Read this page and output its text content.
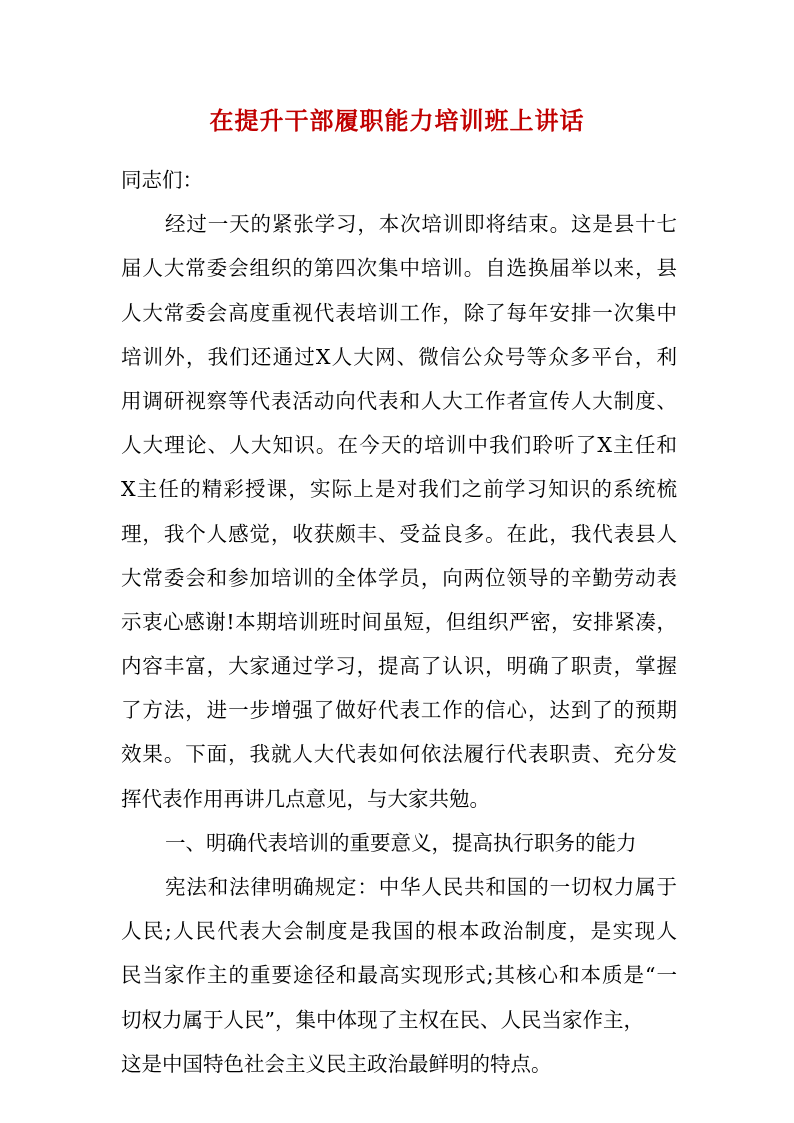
在提升干部履职能力培训班上讲话
同志们：
经过一天的紧张学习，本次培训即将结束。这是县十七
届人大常委会组织的第四次集中培训。自选换届举以来，县
人大常委会高度重视代表培训工作，除了每年安排一次集中
培训外，我们还通过X人大网、微信公众号等众多平台，利
用调研视察等代表活动向代表和人大工作者宣传人大制度、
人大理论、人大知识。在今天的培训中我们聆听了X主任和
X主任的精彩授课，实际上是对我们之前学习知识的系统梳
理，我个人感觉，收获颇丰、受益良多。在此，我代表县人
大常委会和参加培训的全体学员，向两位领导的辛勤劳动表
示衷心感谢!本期培训班时间虽短，但组织严密，安排紧凑，
内容丰富，大家通过学习，提高了认识，明确了职责，掌握
了方法，进一步增强了做好代表工作的信心，达到了的预期
效果。下面，我就人大代表如何依法履行代表职责、充分发
挥代表作用再讲几点意见，与大家共勉。
一、明确代表培训的重要意义，提高执行职务的能力
宪法和法律明确规定：中华人民共和国的一切权力属于
人民;人民代表大会制度是我国的根本政治制度，是实现人
民当家作主的重要途径和最高实现形式;其核心和本质是“一
切权力属于人民”，集中体现了主权在民、人民当家作主，
这是中国特色社会主义民主政治最鲜明的特点。
